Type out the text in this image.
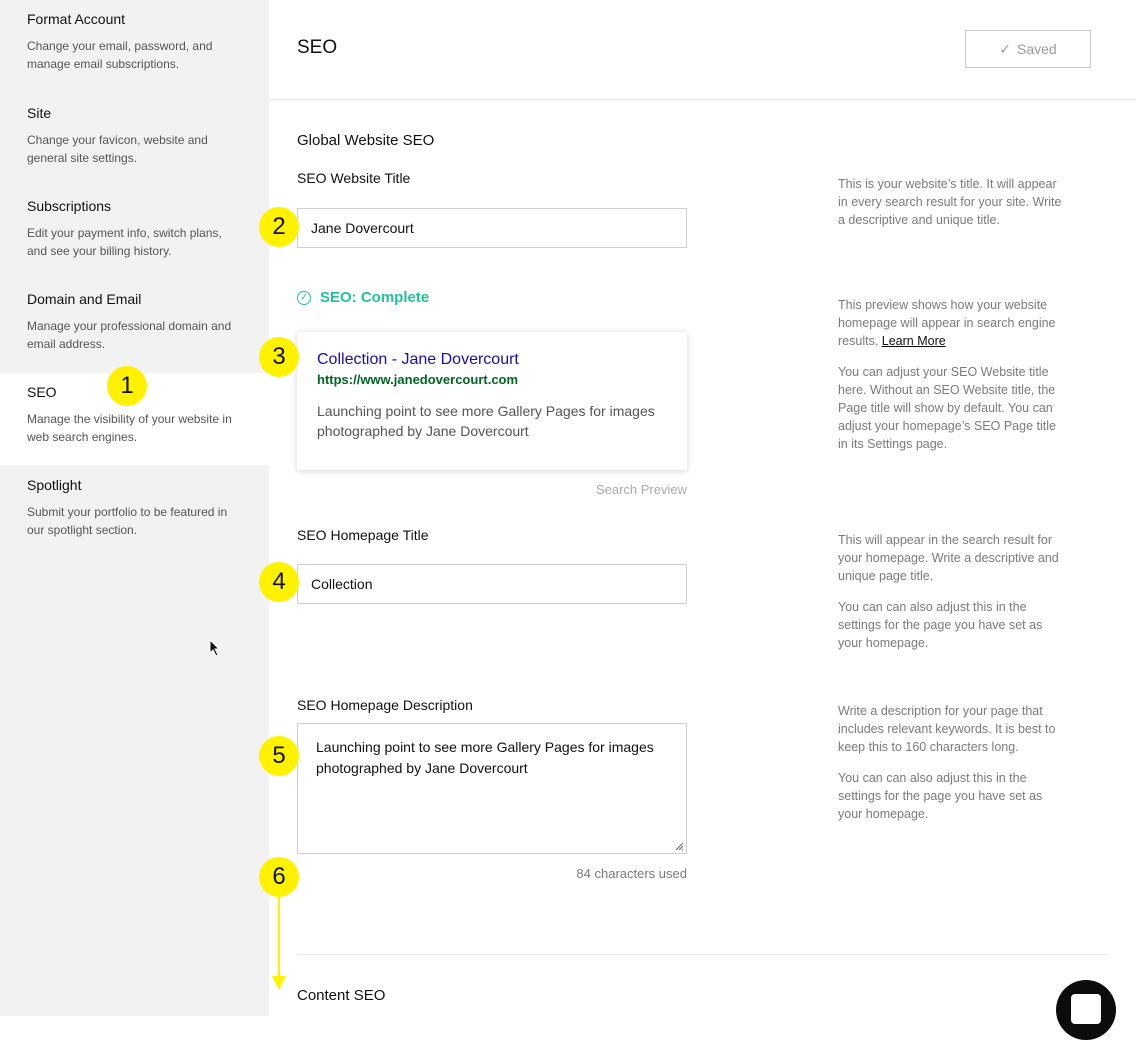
Format Account
Change your email, password, and manage email subscriptions.
Site
Change your favicon, website and general site settings.
Subscriptions
Edit your payment info, switch plans, and see your billing history.
Domain and Email
Manage your professional domain and email address.
SEO
Manage the visibility of your website in web search engines.
Spotlight
Submit your portfolio to be featured in our spotlight section.
SEO	✓ Saved
Global Website SEO
SEO Website Title
Jane Dovercourt

This is your website’s title. It will appear in every search result for your site. Write a descriptive and unique title.

✓ SEO: Complete
Collection - Jane Dovercourt
https://www.janedovercourt.com
Launching point to see more Gallery Pages for images photographed by Jane Dovercourt
Search Preview

This preview shows how your website homepage will appear in search engine results. Learn More

You can adjust your SEO Website title here. Without an SEO Website title, the Page title will show by default. You can adjust your homepage’s SEO Page title in its Settings page.

SEO Homepage Title
Collection

This will appear in the search result for your homepage. Write a descriptive and unique page title.

You can can also adjust this in the settings for the page you have set as your homepage.

SEO Homepage Description
Launching point to see more Gallery Pages for images photographed by Jane Dovercourt
84 characters used

Write a description for your page that includes relevant keywords. It is best to keep this to 160 characters long.

You can can also adjust this in the settings for the page you have set as your homepage.

Content SEO
1
2
3
4
5
6
